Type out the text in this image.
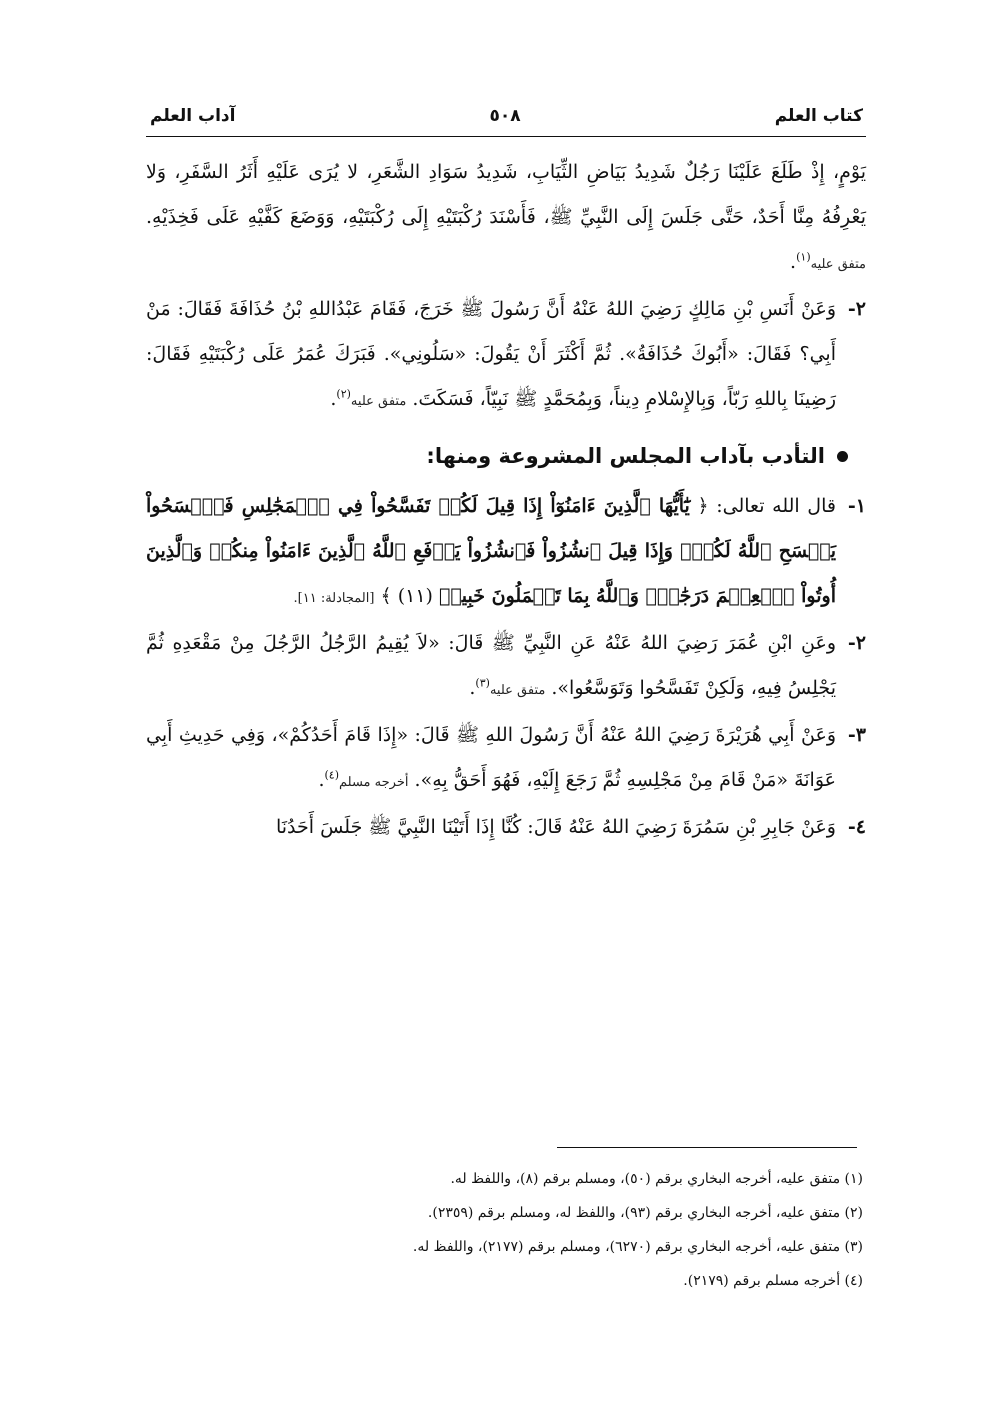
كتاب العلم
٥٠٨
آداب العلم

يَوْمٍ، إِذْ طَلَعَ عَلَيْنَا رَجُلٌ شَدِيدُ بَيَاضِ الثِّيَابِ، شَدِيدُ سَوَادِ الشَّعَرِ، لا يُرَى عَلَيْهِ أَثَرُ السَّفَرِ، وَلا يَعْرِفُهُ مِنَّا أَحَدٌ، حَتَّى جَلَسَ إِلَى النَّبِيِّ ﷺ، فَأَسْنَدَ رُكْبَتَيْهِ إِلَى رُكْبَتَيْهِ، وَوَضَعَ كَفَّيْهِ عَلَى فَخِذَيْهِ. متفق عليه$^{(١)}$.

٢-
وَعَنْ أَنَسِ بْنِ مَالِكٍ رَضِيَ اللهُ عَنْهُ أَنَّ رَسُولَ ﷺ خَرَجَ، فَقَامَ عَبْدُاللهِ بْنُ حُذَافَةَ فَقَالَ: مَنْ أَبِي؟ فَقَالَ: «أَبُوكَ حُذَافَةُ». ثُمَّ أَكْثَرَ أَنْ يَقُولَ: «سَلُونِي». فَبَرَكَ عُمَرُ عَلَى رُكْبَتَيْهِ فَقَالَ: رَضِينَا بِاللهِ رَبّاً، وَبِالإِسْلامِ دِيناً، وَبِمُحَمَّدٍ ﷺ نَبِيّاً، فَسَكَتَ. متفق عليه$^{(٢)}$.
التأدب بآداب المجلس المشروعة ومنها:
١-
قال الله تعالى: ﴿ يَٰٓأَيُّهَا ٱلَّذِينَ ءَامَنُوٓاْ إِذَا قِيلَ لَكُمۡ تَفَسَّحُواْ فِي ٱلۡمَجَٰلِسِ فَٱفۡسَحُواْ يَفۡسَحِ ٱللَّهُ لَكُمۡۖ وَإِذَا قِيلَ ٱنشُزُواْ فَٱنشُزُواْ يَرۡفَعِ ٱللَّهُ ٱلَّذِينَ ءَامَنُواْ مِنكُمۡ وَٱلَّذِينَ أُوتُواْ ٱلۡعِلۡمَ دَرَجَٰتٖۚ وَٱللَّهُ بِمَا تَعۡمَلُونَ خَبِيرٞ (١١) ﴾ [المجادلة: ١١].
٢-
وعَنِ ابْنِ عُمَرَ رَضِيَ اللهُ عَنْهُ عَنِ النَّبِيِّ ﷺ قَالَ: «لاَ يُقِيمُ الرَّجُلُ الرَّجُلَ مِنْ مَقْعَدِهِ ثُمَّ يَجْلِسُ فِيهِ، وَلَكِنْ تَفَسَّحُوا وَتَوَسَّعُوا». متفق عليه$^{(٣)}$.
٣-
وَعَنْ أَبِي هُرَيْرَةَ رَضِيَ اللهُ عَنْهُ أَنَّ رَسُولَ اللهِ ﷺ قَالَ: «إِذَا قَامَ أَحَدُكُمْ»، وَفِي حَدِيثِ أَبِي عَوَانَةَ «مَنْ قَامَ مِنْ مَجْلِسِهِ ثُمَّ رَجَعَ إِلَيْهِ، فَهُوَ أَحَقُّ بِهِ». أخرجه مسلم$^{(٤)}$.
٤-
وَعَنْ جَابِرِ بْنِ سَمُرَةَ رَضِيَ اللهُ عَنْهُ قَالَ: كُنَّا إِذَا أَتَيْنَا النَّبِيَّ ﷺ جَلَسَ أَحَدُنَا

(١) متفق عليه، أخرجه البخاري برقم (٥٠)، ومسلم برقم (٨)، واللفظ له.

(٢) متفق عليه، أخرجه البخاري برقم (٩٣)، واللفظ له، ومسلم برقم (٢٣٥٩).

(٣) متفق عليه، أخرجه البخاري برقم (٦٢٧٠)، ومسلم برقم (٢١٧٧)، واللفظ له.

(٤) أخرجه مسلم برقم (٢١٧٩).
